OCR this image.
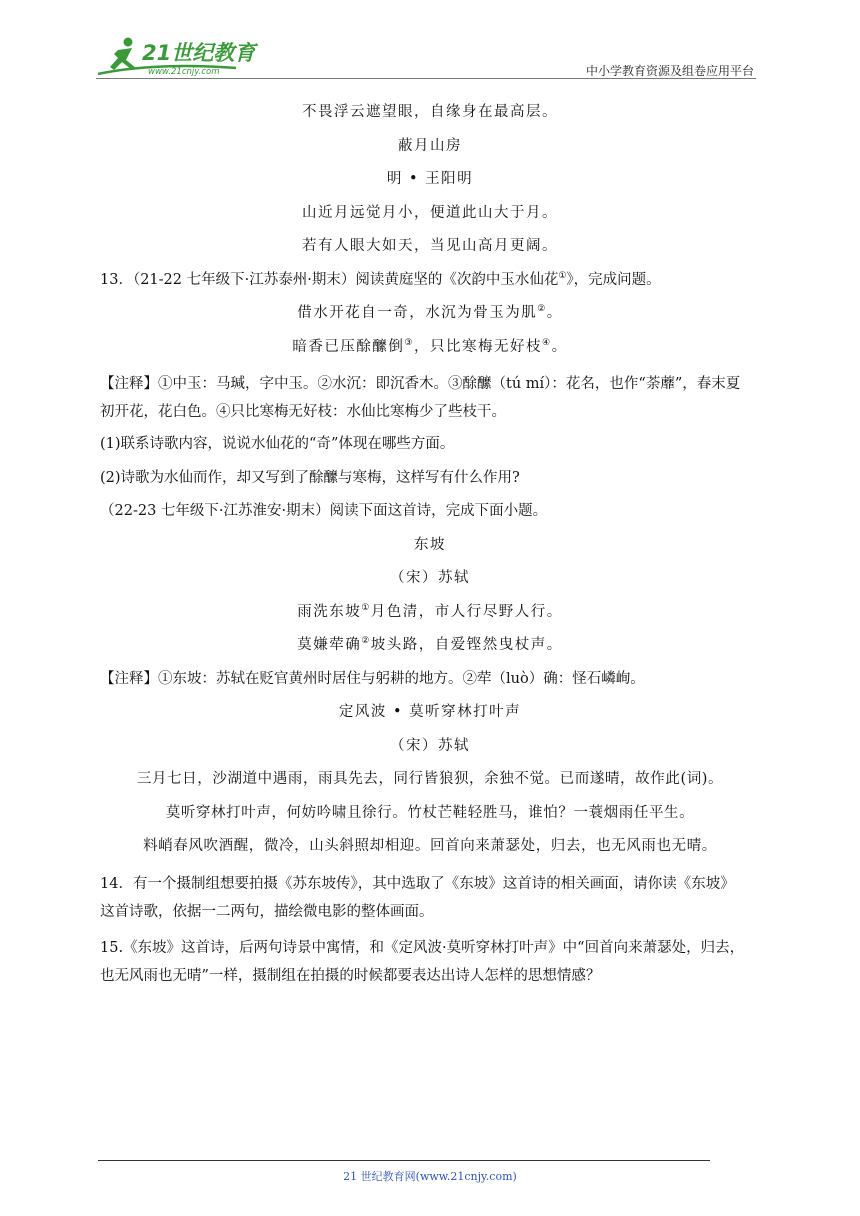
21世纪教育
www.21cnjy.com	中小学教育资源及组卷应用平台

不畏浮云遮望眼，自缘身在最高层。

蔽月山房

明 • 王阳明

山近月远觉月小，便道此山大于月。

若有人眼大如天，当见山高月更阔。

13．（21-22 七年级下·江苏泰州·期末）阅读黄庭坚的《次韵中玉水仙花①》，完成问题。

借水开花自一奇，水沉为骨玉为肌②。

暗香已压酴醿倒③，只比寒梅无好枝④。

【注释】①中玉：马瑊，字中玉。②水沉：即沉香木。③酴醿（tú mí）：花名，也作“荼蘼”，春末夏
初开花，花白色。④只比寒梅无好枝：水仙比寒梅少了些枝干。

(1)联系诗歌内容，说说水仙花的“奇”体现在哪些方面。

(2)诗歌为水仙而作，却又写到了酴醿与寒梅，这样写有什么作用?

（22-23 七年级下·江苏淮安·期末）阅读下面这首诗，完成下面小题。

东坡

（宋）苏轼

雨洗东坡①月色清，市人行尽野人行。

莫嫌荦确②坡头路，自爱铿然曳杖声。

【注释】①东坡：苏轼在贬官黄州时居住与躬耕的地方。②荦（luò）确：怪石嶙峋。

定风波 • 莫听穿林打叶声

（宋）苏轼

三月七日，沙湖道中遇雨，雨具先去，同行皆狼狈，余独不觉。已而遂晴，故作此(词)。

莫听穿林打叶声，何妨吟啸且徐行。竹杖芒鞋轻胜马，谁怕？一蓑烟雨任平生。

料峭春风吹酒醒，微冷，山头斜照却相迎。回首向来萧瑟处，归去，也无风雨也无晴。

14．有一个摄制组想要拍摄《苏东坡传》，其中选取了《东坡》这首诗的相关画面，请你读《东坡》
这首诗歌，依据一二两句，描绘微电影的整体画面。
15.《东坡》这首诗，后两句诗景中寓情，和《定风波·莫听穿林打叶声》中“回首向来萧瑟处，归去，
也无风雨也无晴”一样，摄制组在拍摄的时候都要表达出诗人怎样的思想情感？
21 世纪教育网(www.21cnjy.com)
